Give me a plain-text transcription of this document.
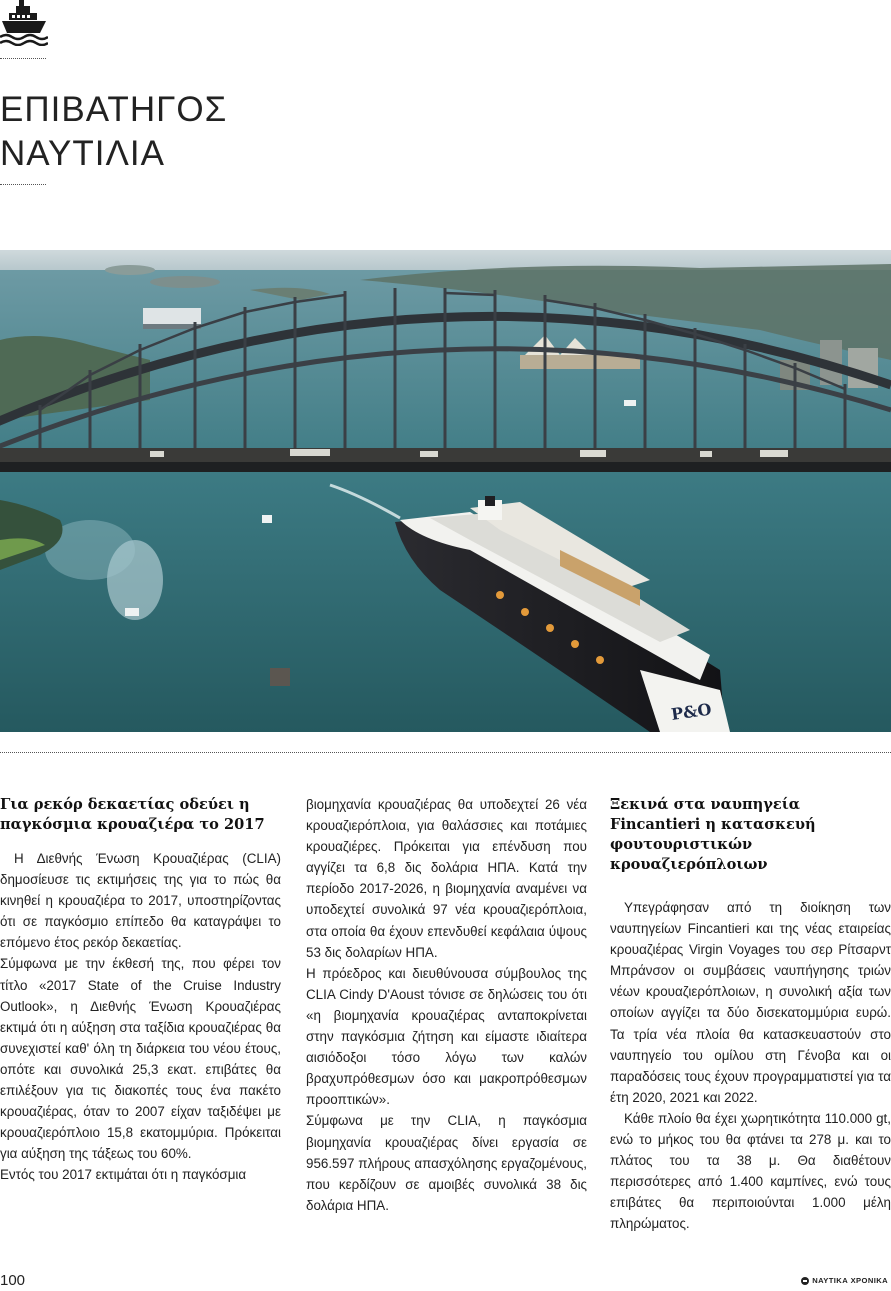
ΕΠΙΒΑΤΗΓΟΣ
ΝΑΥΤΙΛΙΑ
P&O
Για ρεκόρ δεκαετίας οδεύει η παγκόσμια κρουαζιέρα το 2017

Η Διεθνής Ένωση Κρουαζιέρας (CLIA) δημοσίευσε τις εκτιμήσεις της για το πώς θα κινηθεί η κρουαζιέρα το 2017, υποστηρίζοντας ότι σε παγκόσμιο επίπεδο θα καταγράψει το επόμενο έτος ρεκόρ δεκαετίας.

Σύμφωνα με την έκθεσή της, που φέρει τον τίτλο «2017 State of the Cruise Industry Outlook», η Διεθνής Ένωση Κρουαζιέρας εκτιμά ότι η αύξηση στα ταξίδια κρουαζιέρας θα συνεχιστεί καθ' όλη τη διάρκεια του νέου έτους, οπότε και συνολικά 25,3 εκατ. επιβάτες θα επιλέξουν για τις διακοπές τους ένα πακέτο κρουαζιέρας, όταν το 2007 είχαν ταξιδέψει με κρουαζιερόπλοιο 15,8 εκατομμύρια. Πρόκειται για αύξηση της τάξεως του 60%.

Εντός του 2017 εκτιμάται ότι η παγκόσμια

βιομηχανία κρουαζιέρας θα υποδεχτεί 26 νέα κρουαζιερόπλοια, για θαλάσσιες και ποτάμιες κρουαζιέρες. Πρόκειται για επένδυση που αγγίζει τα 6,8 δις δολάρια ΗΠΑ. Κατά την περίοδο 2017-2026, η βιομηχανία αναμένει να υποδεχτεί συνολικά 97 νέα κρουαζιερόπλοια, στα οποία θα έχουν επενδυθεί κεφάλαια ύψους 53 δις δολαρίων ΗΠΑ.

Η πρόεδρος και διευθύνουσα σύμβουλος της CLIA Cindy D'Aoust τόνισε σε δηλώσεις του ότι «η βιομηχανία κρουαζιέρας ανταποκρίνεται στην παγκόσμια ζήτηση και είμαστε ιδιαίτερα αισιόδοξοι τόσο λόγω των καλών βραχυπρόθεσμων όσο και μακροπρόθεσμων προοπτικών».

Σύμφωνα με την CLIA, η παγκόσμια βιομηχανία κρουαζιέρας δίνει εργασία σε 956.597 πλήρους απασχόλησης εργαζομένους, που κερδίζουν σε αμοιβές συνολικά 38 δις δολάρια ΗΠΑ.

Ξεκινά στα ναυπηγεία Fincantieri η κατασκευή φουτουριστικών κρουαζιερόπλοιων

Υπεγράφησαν από τη διοίκηση των ναυπηγείων Fincantieri και της νέας εταιρείας κρουαζιέρας Virgin Voyages του σερ Ρίτσαρντ Μπράνσον οι συμβάσεις ναυπήγησης τριών νέων κρουαζιερόπλοιων, η συνολική αξία των οποίων αγγίζει τα δύο δισεκατομμύρια ευρώ. Τα τρία νέα πλοία θα κατασκευαστούν στο ναυπηγείο του ομίλου στη Γένοβα και οι παραδόσεις τους έχουν προγραμματιστεί για τα έτη 2020, 2021 και 2022.

Κάθε πλοίο θα έχει χωρητικότητα 110.000 gt, ενώ το μήκος του θα φτάνει τα 278 μ. και το πλάτος του τα 38 μ. Θα διαθέτουν περισσότερες από 1.400 καμπίνες, ενώ τους επιβάτες θα περιποιούνται 1.000 μέλη πληρώματος.

100	ΝΑΥΤΙΚΑ ΧΡΟΝΙΚΑ
